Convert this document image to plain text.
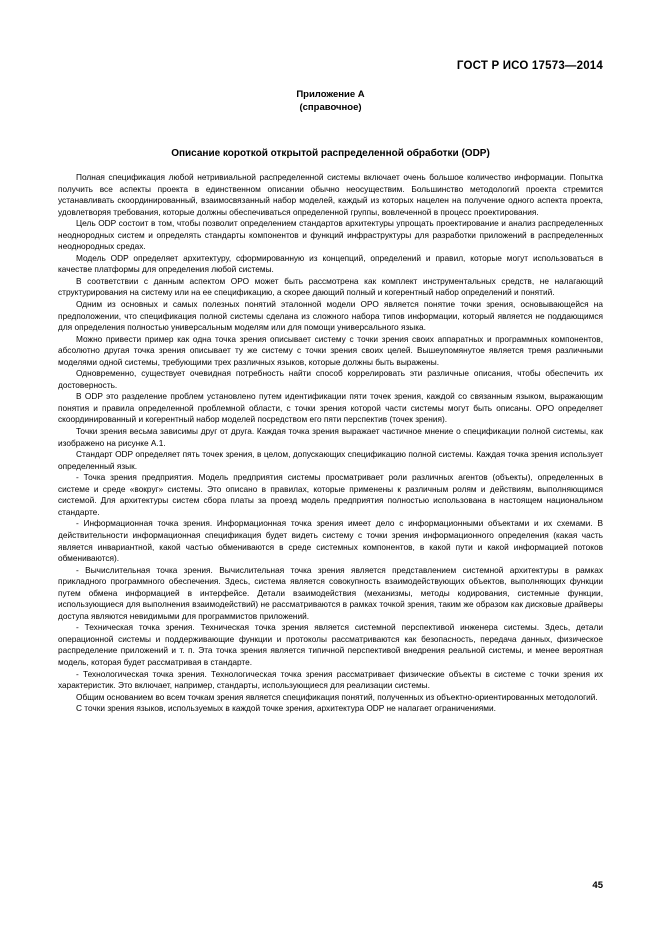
ГОСТ Р ИСО 17573—2014
Приложение А
(справочное)
Описание короткой открытой распределенной обработки (ODP)

Полная спецификация любой нетривиальной распределенной системы включает очень большое количество информации. Попытка получить все аспекты проекта в единственном описании обычно неосуществим. Большинство методологий проекта стремится устанавливать скоординированный, взаимосвязанный набор моделей, каждый из которых нацелен на получение одного аспекта проекта, удовлетворяя требования, которые должны обеспечиваться определенной группы, вовлеченной в процесс проектирования.

Цель ODP состоит в том, чтобы позволит определением стандартов архитектуры упрощать проектирование и анализ распределенных неоднородных систем и определять стандарты компонентов и функций инфраструктуры для разработки приложений в распределенных неоднородных средах.

Модель ODP определяет архитектуру, сформированную из концепций, определений и правил, которые могут использоваться в качестве платформы для определения любой системы.

В соответствии с данным аспектом ОРО может быть рассмотрена как комплект инструментальных средств, не налагающий структурирования на систему или на ее спецификацию, а скорее дающий полный и когерентный набор определений и понятий.

Одним из основных и самых полезных понятий эталонной модели ОРО является понятие точки зрения, основывающейся на предположении, что спецификация полной системы сделана из сложного набора типов информации, который является не поддающимся для определения полностью универсальным моделям или для помощи универсального языка.

Можно привести пример как одна точка зрения описывает систему с точки зрения своих аппаратных и программных компонентов, абсолютно другая точка зрения описывает ту же систему с точки зрения своих целей. Вышеупомянутое является тремя различными моделями одной системы, требующими трех различных языков, которые должны быть выражены.

Одновременно, существует очевидная потребность найти способ коррелировать эти различные описания, чтобы обеспечить их достоверность.

В ODP это разделение проблем установлено путем идентификации пяти точек зрения, каждой со связанным языком, выражающим понятия и правила определенной проблемной области, с точки зрения которой части системы могут быть описаны. ОРО определяет скоординированный и когерентный набор моделей посредством его пяти перспектив (точек зрения).

Точки зрения весьма зависимы друг от друга. Каждая точка зрения выражает частичное мнение о спецификации полной системы, как изображено на рисунке А.1.

Стандарт ODP определяет пять точек зрения, в целом, допускающих спецификацию полной системы. Каждая точка зрения использует определенный язык.

- Точка зрения предприятия. Модель предприятия системы просматривает роли различных агентов (объекты), определенных в системе и среде «вокруг» системы. Это описано в правилах, которые применены к различным ролям и действиям, выполняющимся системой. Для архитектуры систем сбора платы за проезд модель предприятия полностью использована в настоящем национальном стандарте.

- Информационная точка зрения. Информационная точка зрения имеет дело с информационными объектами и их схемами. В действительности информационная спецификация будет видеть систему с точки зрения информационного определения (какая часть является инвариантной, какой частью обмениваются в среде системных компонентов, в какой пути и какой информацией потоков обмениваются).

- Вычислительная точка зрения. Вычислительная точка зрения является представлением системной архитектуры в рамках прикладного программного обеспечения. Здесь, система является совокупность взаимодействующих объектов, выполняющих функции путем обмена информацией в интерфейсе. Детали взаимодействия (механизмы, методы кодирования, системные функции, использующиеся для выполнения взаимодействий) не рассматриваются в рамках точкой зрения, таким же образом как дисковые драйверы доступа являются невидимыми для программистов приложений.

- Техническая точка зрения. Техническая точка зрения является системной перспективой инженера системы. Здесь, детали операционной системы и поддерживающие функции и протоколы рассматриваются как безопасность, передача данных, физическое распределение приложений и т. п. Эта точка зрения является типичной перспективой внедрения реальной системы, и менее вероятная модель, которая будет рассматривая в стандарте.

- Технологическая точка зрения. Технологическая точка зрения рассматривает физические объекты в системе с точки зрения их характеристик. Это включает, например, стандарты, использующиеся для реализации системы.

Общим основанием во всем точкам зрения является спецификация понятий, полученных из объектно-ориентированных методологий.

С точки зрения языков, используемых в каждой точке зрения, архитектура ODP не налагает ограничениями.

45
